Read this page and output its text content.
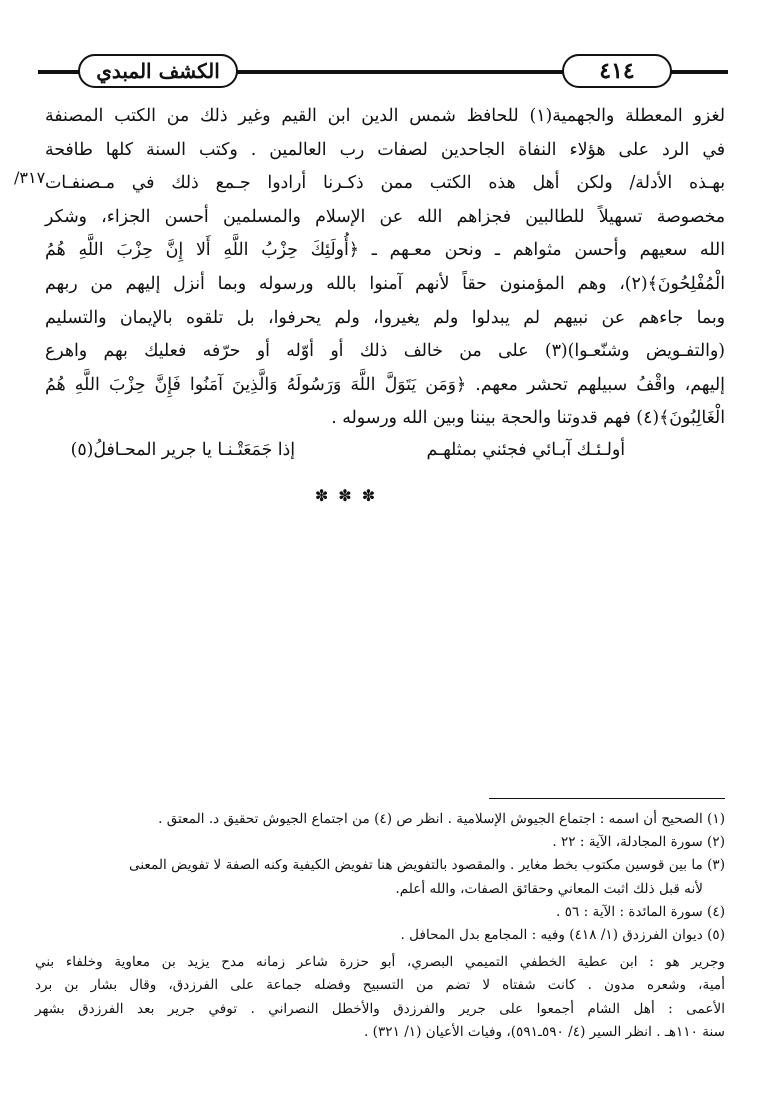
٤١٤
الكشف المبدي
٣١٧/
لغزو المعطلة والجهمية(١) للحافظ شمس الدين ابن القيم وغير ذلك من الكتب المصنفة
في الرد على هؤلاء النفاة الجاحدين لصفات رب العالمين . وكتب السنة كلها طافحة
بهـذه الأدلة/ ولكن أهل هذه الكتب ممن ذكـرنا أرادوا جـمع ذلك في مـصنفـات
مخصوصة تسهيلاً للطالبين فجزاهم الله عن الإسلام والمسلمين أحسن الجزاء، وشكر
الله سعيهم وأحسن مثواهم ـ ونحن معـهم ـ ﴿أُولَئِكَ حِزْبُ اللَّهِ أَلا إِنَّ حِزْبَ اللَّهِ هُمُ
الْمُفْلِحُونَ﴾(٢)، وهم المؤمنون حقاً لأنهم آمنوا بالله ورسوله وبما أنزل إليهم من ربهم
وبما جاءهم عن نبيهم لم يبدلوا ولم يغيروا، ولم يحرفوا، بل تلقوه بالإيمان والتسليم
(والتفـويض وشنّعـوا)(٣) على من خالف ذلك أو أوّله أو حرّفه فعليك بهم واهرع
إليهم، واقْفُ سبيلهم تحشر معهم. ﴿وَمَن يَتَوَلَّ اللَّهَ وَرَسُولَهُ وَالَّذِينَ آمَنُوا فَإِنَّ حِزْبَ اللَّهِ هُمُ
الْغَالِبُونَ﴾(٤) فهم قدوتنا والحجة بيننا وبين الله ورسوله .
أولـئـك آبـائي فجئني بمثلهـم
إذا جَمَعَتْـنـا يا جرير المحـافلُ(٥)
✽✽✽

(١) الصحيح أن اسمه : اجتماع الجيوش الإسلامية . انظر ص (٤) من اجتماع الجيوش تحقيق د. المعتق .

(٢) سورة المجادلة، الآية : ٢٢ .

(٣) ما بين قوسين مكتوب بخط مغاير . والمقصود بالتفويض هنا تفويض الكيفية وكنه الصفة لا تفويض المعنى
لأنه قبل ذلك اثبت المعاني وحقائق الصفات، والله أعلم.

(٤) سورة المائدة : الآية : ٥٦ .

(٥) ديوان الفرزدق (١/ ٤١٨) وفيه : المجامع بدل المحافل .

وجرير هو : ابن عطية الخطفي التميمي البصري، أبو حزرة شاعر زمانه مدح يزيد بن معاوية وخلفاء بني
أمية، وشعره مدون . كانت شفتاه لا تضم من التسبيح وفضله جماعة على الفرزدق، وقال بشار بن برد
الأعمى : أهل الشام أجمعوا على جرير والفرزدق والأخطل النصراني . توفي جرير بعد الفرزدق بشهر
سنة ١١٠هـ . انظر السير (٤/ ٥٩٠ـ٥٩١)، وفيات الأعيان (١/ ٣٢١) .
